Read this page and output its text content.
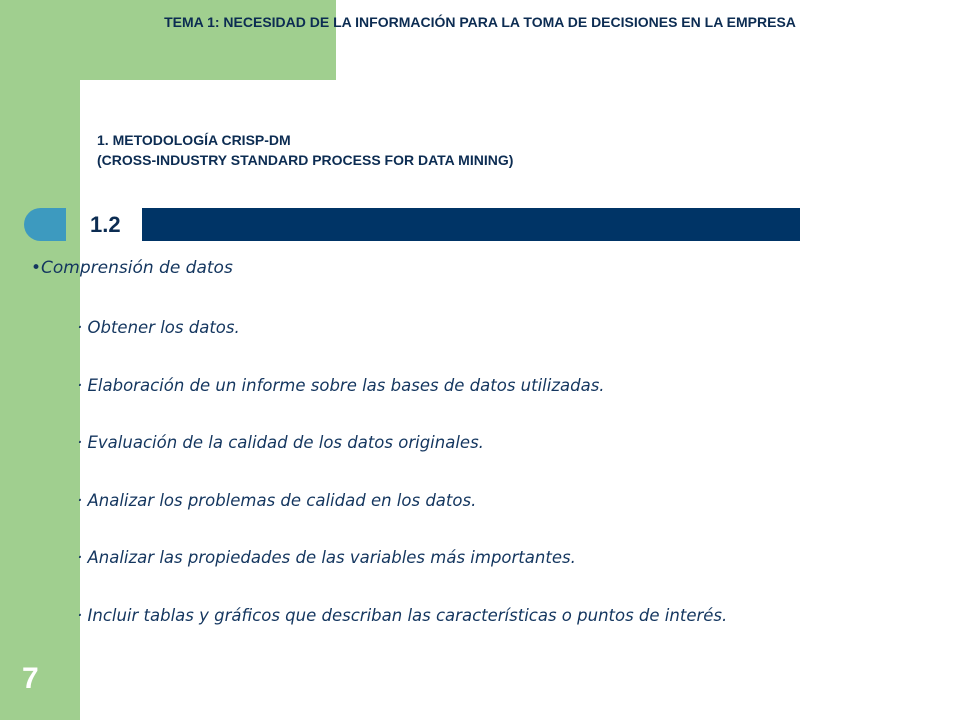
TEMA 1: NECESIDAD DE LA INFORMACIÓN PARA LA TOMA DE DECISIONES EN LA EMPRESA
1. METODOLOGÍA CRISP-DM
(CROSS-INDUSTRY STANDARD PROCESS FOR DATA MINING)
1.2
•Comprensión de datos
· Obtener los datos.
· Elaboración de un informe sobre las bases de datos utilizadas.
· Evaluación de la calidad de los datos originales.
· Analizar los problemas de calidad en los datos.
· Analizar las propiedades de las variables más importantes.
· Incluir tablas y gráficos que describan las características o puntos de interés.
7
